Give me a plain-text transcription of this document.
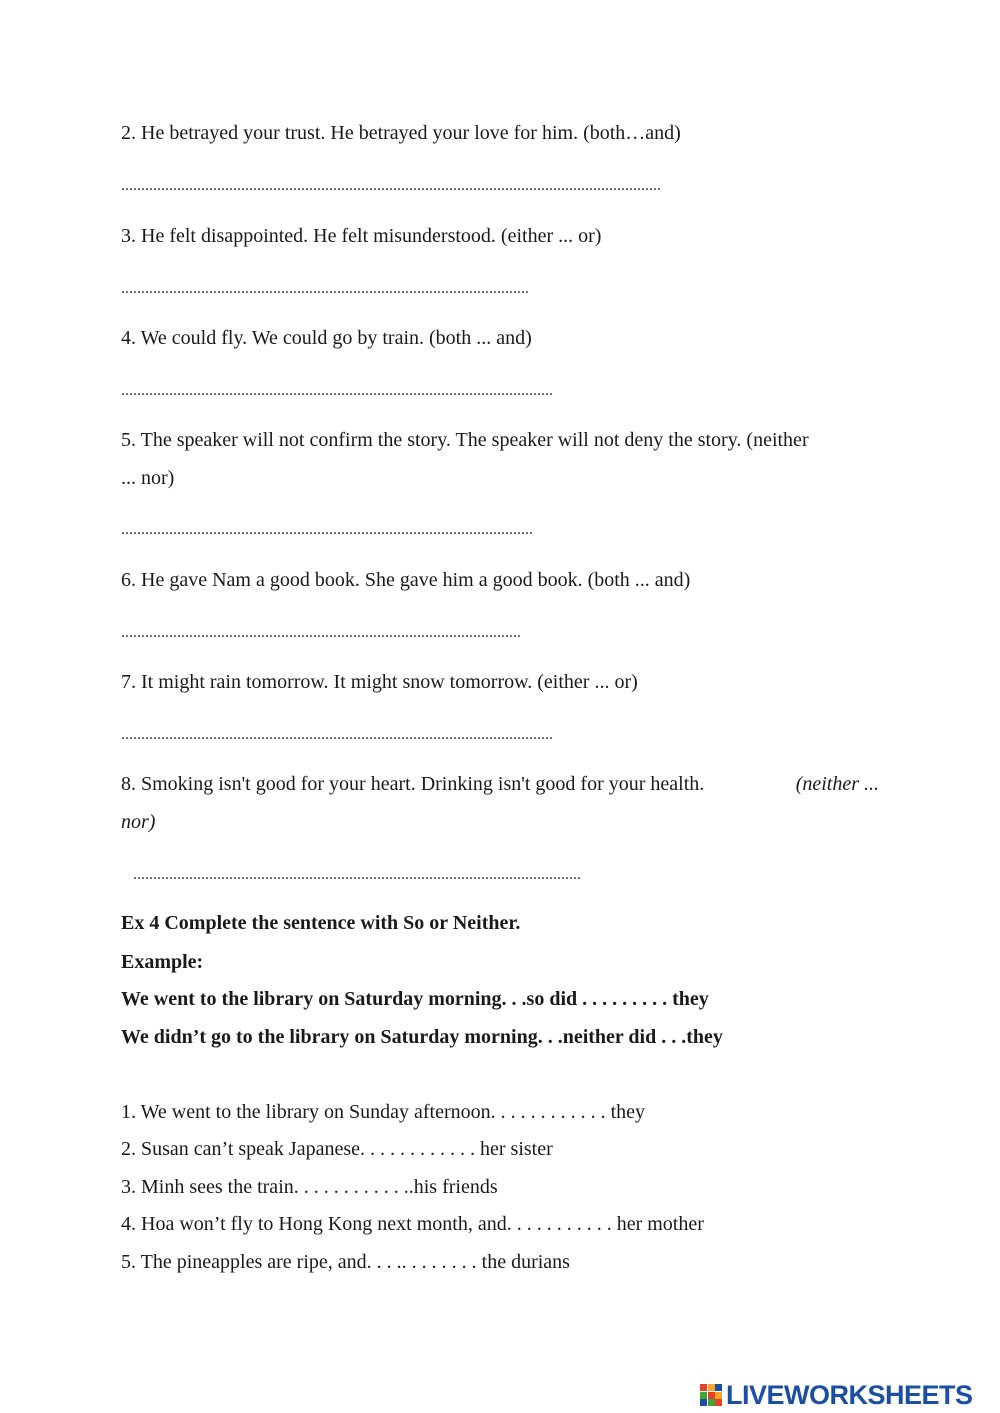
2. He betrayed your trust. He betrayed your love for him. (both…and)
.......................................................................................................................................
3. He felt disappointed. He felt misunderstood. (either ... or)
......................................................................................................
4. We could fly. We could go by train. (both ... and)
............................................................................................................
5. The speaker will not confirm the story. The speaker will not deny the story. (neither
... nor)
.......................................................................................................
6. He gave Nam a good book. She gave him a good book. (both ... and)
....................................................................................................
7. It might rain tomorrow. It might snow tomorrow. (either ... or)
............................................................................................................
8. Smoking isn't good for your heart. Drinking isn't good for your health.	(neither ...
nor)
................................................................................................................
Ex 4 Complete the sentence with So or Neither.
Example:
We went to the library on Saturday morning. . .so did . . . . . . . . . they
We didn’t go to the library on Saturday morning. . .neither did . . .they
1. We went to the library on Sunday afternoon. . . . . . . . . . . . they
2. Susan can’t speak Japanese. . . . . . . . . . . . her sister
3. Minh sees the train. . . . . . . . . . . ..his friends
4. Hoa won’t fly to Hong Kong next month, and. . . . . . . . . . . her mother
5. The pineapples are ripe, and. . . .. . . . . . . . the durians
LIVEWORKSHEETS
